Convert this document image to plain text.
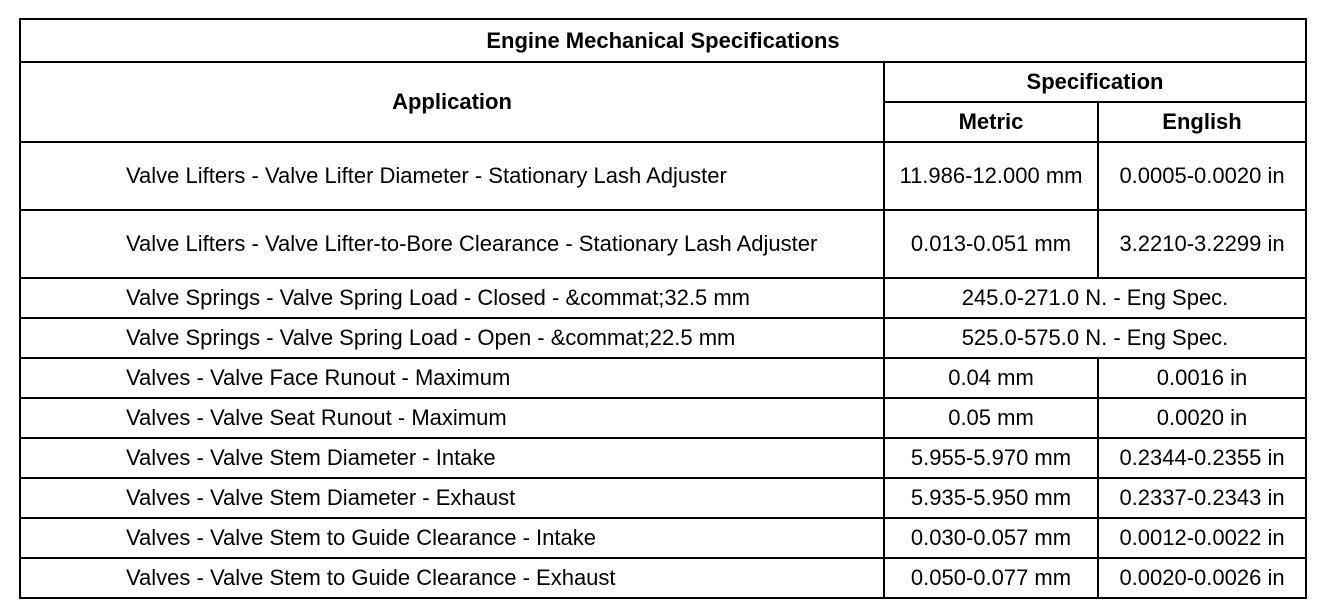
Engine Mechanical Specifications		
Application	Specification	
	Metric	English
Valve Lifters - Valve Lifter Diameter - Stationary Lash Adjuster	11.986-12.000 mm	0.0005-0.0020 in
Valve Lifters - Valve Lifter-to-Bore Clearance - Stationary Lash Adjuster	0.013-0.051 mm	3.2210-3.2299 in
Valve Springs - Valve Spring Load - Closed - &commat;32.5 mm	245.0-271.0 N. - Eng Spec.	
Valve Springs - Valve Spring Load - Open - &commat;22.5 mm	525.0-575.0 N. - Eng Spec.	
Valves - Valve Face Runout - Maximum	0.04 mm	0.0016 in
Valves - Valve Seat Runout - Maximum	0.05 mm	0.0020 in
Valves - Valve Stem Diameter - Intake	5.955-5.970 mm	0.2344-0.2355 in
Valves - Valve Stem Diameter - Exhaust	5.935-5.950 mm	0.2337-0.2343 in
Valves - Valve Stem to Guide Clearance - Intake	0.030-0.057 mm	0.0012-0.0022 in
Valves - Valve Stem to Guide Clearance - Exhaust	0.050-0.077 mm	0.0020-0.0026 in
